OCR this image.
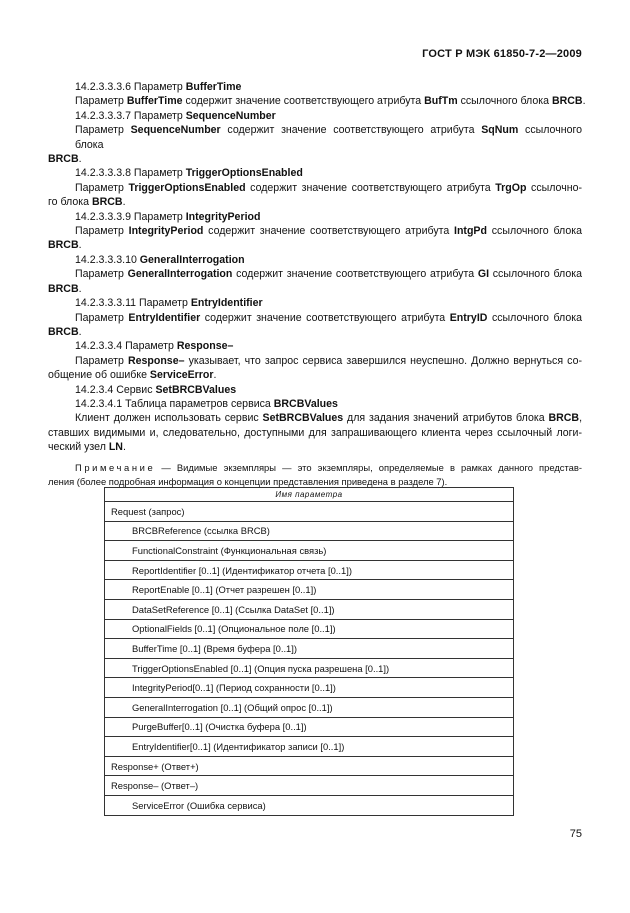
ГОСТ Р МЭК 61850-7-2—2009
14.2.3.3.3.6 Параметр BufferTime
Параметр BufferTime содержит значение соответствующего атрибута BufTm ссылочного блока BRCB.
14.2.3.3.3.7 Параметр SequenceNumber
Параметр SequenceNumber содержит значение соответствующего атрибута SqNum ссылочного блока
BRCB.
14.2.3.3.3.8 Параметр TriggerOptionsEnabled
Параметр TriggerOptionsEnabled содержит значение соответствующего атрибута TrgOp ссылочно-
го блока BRCB.
14.2.3.3.3.9 Параметр IntegrityPeriod
Параметр IntegrityPeriod содержит значение соответствующего атрибута IntgPd ссылочного блока
BRCB.
14.2.3.3.3.10 GeneralInterrogation
Параметр GeneralInterrogation содержит значение соответствующего атрибута GI ссылочного блока
BRCB.
14.2.3.3.3.11 Параметр EntryIdentifier
Параметр EntryIdentifier содержит значение соответствующего атрибута EntryID ссылочного блока
BRCB.
14.2.3.3.4 Параметр Response–
Параметр Response– указывает, что запрос сервиса завершился неуспешно. Должно вернуться со-
общение об ошибке ServiceError.
14.2.3.4 Сервис SetBRCBValues
14.2.3.4.1 Таблица параметров сервиса BRCBValues
Клиент должен использовать сервис SetBRCBValues для задания значений атрибутов блока BRCB,
ставших видимыми и, следовательно, доступными для запрашивающего клиента через ссылочный логи-
ческий узел LN.
Примечание — Видимые экземпляры — это экземпляры, определяемые в рамках данного представ-
ления (более подробная информация о концепции представления приведена в разделе 7).
Имя параметра
Request (запрос)
BRCBReference (ссылка BRCB)
FunctionalConstraint (Функциональная связь)
ReportIdentifier [0..1] (Идентификатор отчета [0..1])
ReportEnable [0..1] (Отчет разрешен [0..1])
DataSetReference [0..1] (Ссылка DataSet [0..1])
OptionalFields [0..1] (Опциональное поле [0..1])
BufferTime [0..1] (Время буфера [0..1])
TriggerOptionsEnabled [0..1] (Опция пуска разрешена [0..1])
IntegrityPeriod[0..1] (Период сохранности [0..1])
GeneralInterrogation [0..1] (Общий опрос [0..1])
PurgeBuffer[0..1] (Очистка буфера [0..1])
EntryIdentifier[0..1] (Идентификатор записи [0..1])
Response+ (Ответ+)
Response– (Ответ–)
ServiceError (Ошибка сервиса)
75
